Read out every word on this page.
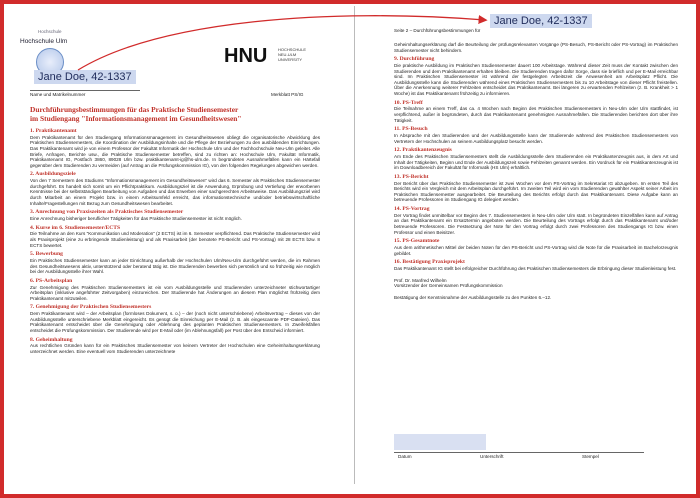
Hochschule

Hochschule Ulm

HNU	HOCHSCHULE NEU-ULM UNIVERSITY
Jane Doe, 42-1337

Name und Matrikelnummer	Merkblatt PS/IG

Durchführungsbestimmungen für das Praktische Studiensemester

im Studiengang "Informationsmanagement im Gesundheitswesen"

1. Praktikantenamt

Dem Praktikantenamt für den Studiengang Informationsmanagement im Gesundheitswesen obliegt die organisatorische Abwicklung des Praktischen Studiensemesters, die Koordination der Ausbildungsinhalte und die Pflege der Beziehungen zu den ausbildenden Einrichtungen. Das Praktikantenamt wird je von einem Professor der Fakultät Informatik der Hochschule Ulm und der Fachhochschule Neu-Ulm geleitet. Alle Briefe, Anfragen, Berichte usw., die Praktische Studiensemester betreffen, sind zu richten an: Hochschule Ulm, Fakultät Informatik, Praktikantenamt IG, Postfach 3860, 89028 Ulm bzw. praktikantenamt-ig@hs-ulm.de. In begründeten Ausnahmefällen kann ein Härtefall gegenüber dem Studierenden zu vermeiden (auf Antrag an die Prüfungskommission IG), von den folgenden Regelungen abgewichen werden.

2. Ausbildungsziele

Von den 7 Semestern des Studiums "Informationsmanagement im Gesundheitswesen" wird das 6. Semester als Praktisches Studiensemester durchgeführt. Es handelt sich somit um ein Pflichtpraktikum. Ausbildungsziel ist die Anwendung, Erprobung und Vertiefung der erworbenen Kenntnisse bei der selbstständigen Bearbeitung von Aufgaben und das Erwerben einer sachgerechten Arbeitsweise. Das Ausbildungsziel wird durch Mitarbeit an einem Projekt bzw. in einem Arbeitsumfeld erreicht, das informationstechnische und/oder betriebswirtschaftliche Inhalte/Fragestellungen mit Bezug zum Gesundheitswesen bearbeitet.

3. Anrechnung von Praxiszeiten als Praktisches Studiensemester

Eine Anrechnung bisheriger beruflicher Tätigkeiten für das Praktische Studiensemester ist nicht möglich.

4. Kurse im 6. Studiensemester/ECTS

Die Teilnahme an den Kurs "Kommunikation und Moderation" (2 ECTS) ist im 6. Semester verpflichtend. Das Praktische Studiensemester wird als Praxisprojekt (eine zu erbringende Studienleistung) und als Praxisarbeit (der benotete PS-Bericht und PS-Vortrag) mit 28 ECTS bzw. 8 ECTS bewertet.

5. Bewerbung

Ein Praktisches Studiensemester kann an jeder Einrichtung außerhalb der Hochschulen Ulm/Neu-Ulm durchgeführt werden, die im Rahmen des Gesundheitswesens aktiv, unterstützend oder beratend tätig ist. Die Studierenden bewerben sich persönlich und so frühzeitig wie möglich bei der Ausbildungsstelle ihrer Wahl.

6. PS-Arbeitsplan

Zur Genehmigung des Praktischen Studiensemesters ist ein vom Ausbildungsstelle und Studierenden unterzeichneter stichwortartiger Arbeitsplan (inklusive angeführter Zeitvorgaben) einzureichen. Der Studierende hat Änderungen an diesem Plan möglichst frühzeitig dem Praktikantenamt mitzuteilen.

7. Genehmigung der Praktischen Studiensemesters

Dem Praktikantenamt wird – der Arbeitsplan (formloses Dokument, s. o.) – der (noch nicht unterschriebene) Arbeitsvertrag – dieses von der Ausbildungsstelle unterschriebene Merkblatt eingereicht. Es genügt die Einreichung per E-Mail (z. B. als eingescannte PDF-Dateien). Das Praktikantenamt entscheidet über die Genehmigung oder Ablehnung des geplanten Praktischen Studiensemesters. In Zweifelsfällen entscheidet die Prüfungskommission. Der Studierende wird per E-Mail oder (im Ablehnungsfall) per Post über den Entscheid informiert.

8. Geheimhaltung

Aus rechtlichen Gründen kann für ein Praktisches Studiensemester von keinem Vertreter der Hochschulen eine Geheimhaltungserklärung unterzeichnet werden. Eine eventuell vom Studierenden unterzeichnete

Seite 2 – Durchführungsbestimmungen für

Jane Doe, 42-1337

Geheimhaltungserklärung darf die Beurteilung der prüfungsrelevanten Vorgänge (PS-Besuch, PS-Bericht oder PS-Vortrag) im Praktischen Studiensemester nicht behindern.

9. Durchführung

Die praktische Ausbildung im Praktischen Studiensemester dauert 100 Arbeitstage. Während dieser Zeit muss der Kontakt zwischen den Studierenden und dem Praktikantenamt erhalten bleiben. Die Studierenden tragen dafür Sorge, dass sie brieflich und per E-Mail erreichbar sind. Im Praktischen Studiensemester ist während der festgelegten Arbeitszeit die Anwesenheit am Arbeitsplatz Pflicht. Die Ausbildungsstelle kann die Studierenden während eines Praktischen Studiensemesters bis zu 10 Arbeitstage von dieser Pflicht freistellen. Über die Anerkennung weiterer Fehlzeiten entscheidet das Praktikantenamt. Bei längeren zu erwartenden Fehlzeiten (z. B. Krankheit > 1 Woche) ist das Praktikantenamt frühzeitig zu informieren.

10. PS-Treff

Die Teilnahme an einem Treff, das ca. 4 Wochen nach Beginn des Praktischen Studiensemesters in Neu-Ulm oder Ulm stattfindet, ist verpflichtend, außer in begründeten, durch das Praktikantenamt genehmigten Ausnahmefällen. Die Studierenden berichten dort über ihre Tätigkeit.

11. PS-Besuch

In Absprache mit den Studierenden und der Ausbildungsstelle kann der Studierende während des Praktischen Studiensemesters von Vertretern der Hochschulen an seinem Ausbildungsplatz besucht werden.

12. Praktikantenzeugnis

Am Ende des Praktischen Studiensemesters stellt die Ausbildungsstelle dem Studierenden ein Praktikantenzeugnis aus, in dem Art und Inhalt der Tätigkeiten, Beginn und Ende der Ausbildungszeit sowie Fehlzeiten genannt werden. Ein Vordruck für ein Praktikantenzeugnis ist im Downloadbereich der Fakultät für Informatik (HS Ulm) erhältlich.

13. PS-Bericht

Der Bericht über das Praktische Studiensemester ist zwei Wochen vor dem PS-Vortrag im Sekretariat IG abzugeben. Im ersten Teil des Berichts wird ein Vergleich mit dem Arbeitsplan durchgeführt. Im zweiten Teil wird ein vom Studierenden gewählter Aspekt seiner Arbeit im Praktischen Studiensemester ausgearbeitet. Die Beurteilung des Berichts erfolgt durch das Praktikantenamt. Diese Aufgabe kann an betreuende Professoren im Studiengang IG delegiert werden.

14. PS-Vortrag

Der Vortrag findet unmittelbar vor Beginn des 7. Studiensemesters in Neu-Ulm oder Ulm statt. In begründeten Einzelfällen kann auf Antrag an das Praktikantenamt ein Ersatztermin angeboten werden. Die Beurteilung des Vortrags erfolgt durch das Praktikantenamt und/oder betreuende Professoren. Die Festsetzung der Note für den Vortrag erfolgt durch zwei Professoren des Studiengangs IG bzw. einen Professor und einen Beisitzer.

15. PS-Gesamtnote

Aus dem arithmetischen Mittel der beiden Noten für den PS-Bericht und PS-Vortrag wird die Note für die Praxisarbeit im Bachelorzeugnis gebildet.

16. Bestätigung Praxisprojekt

Das Praktikantenamt IG stellt bei erfolgreicher Durchführung des Praktischen Studiensemesters die Erbringung dieser Studienleistung fest.

Prof. Dr. Manfred Wilhelm

Vorsitzender der Gemeinsamen Prüfungskommission

Bestätigung der Kenntnisnahme der Ausbildungsstelle zu den Punkten 6.–12.

Datum	Unterschrift	Stempel
